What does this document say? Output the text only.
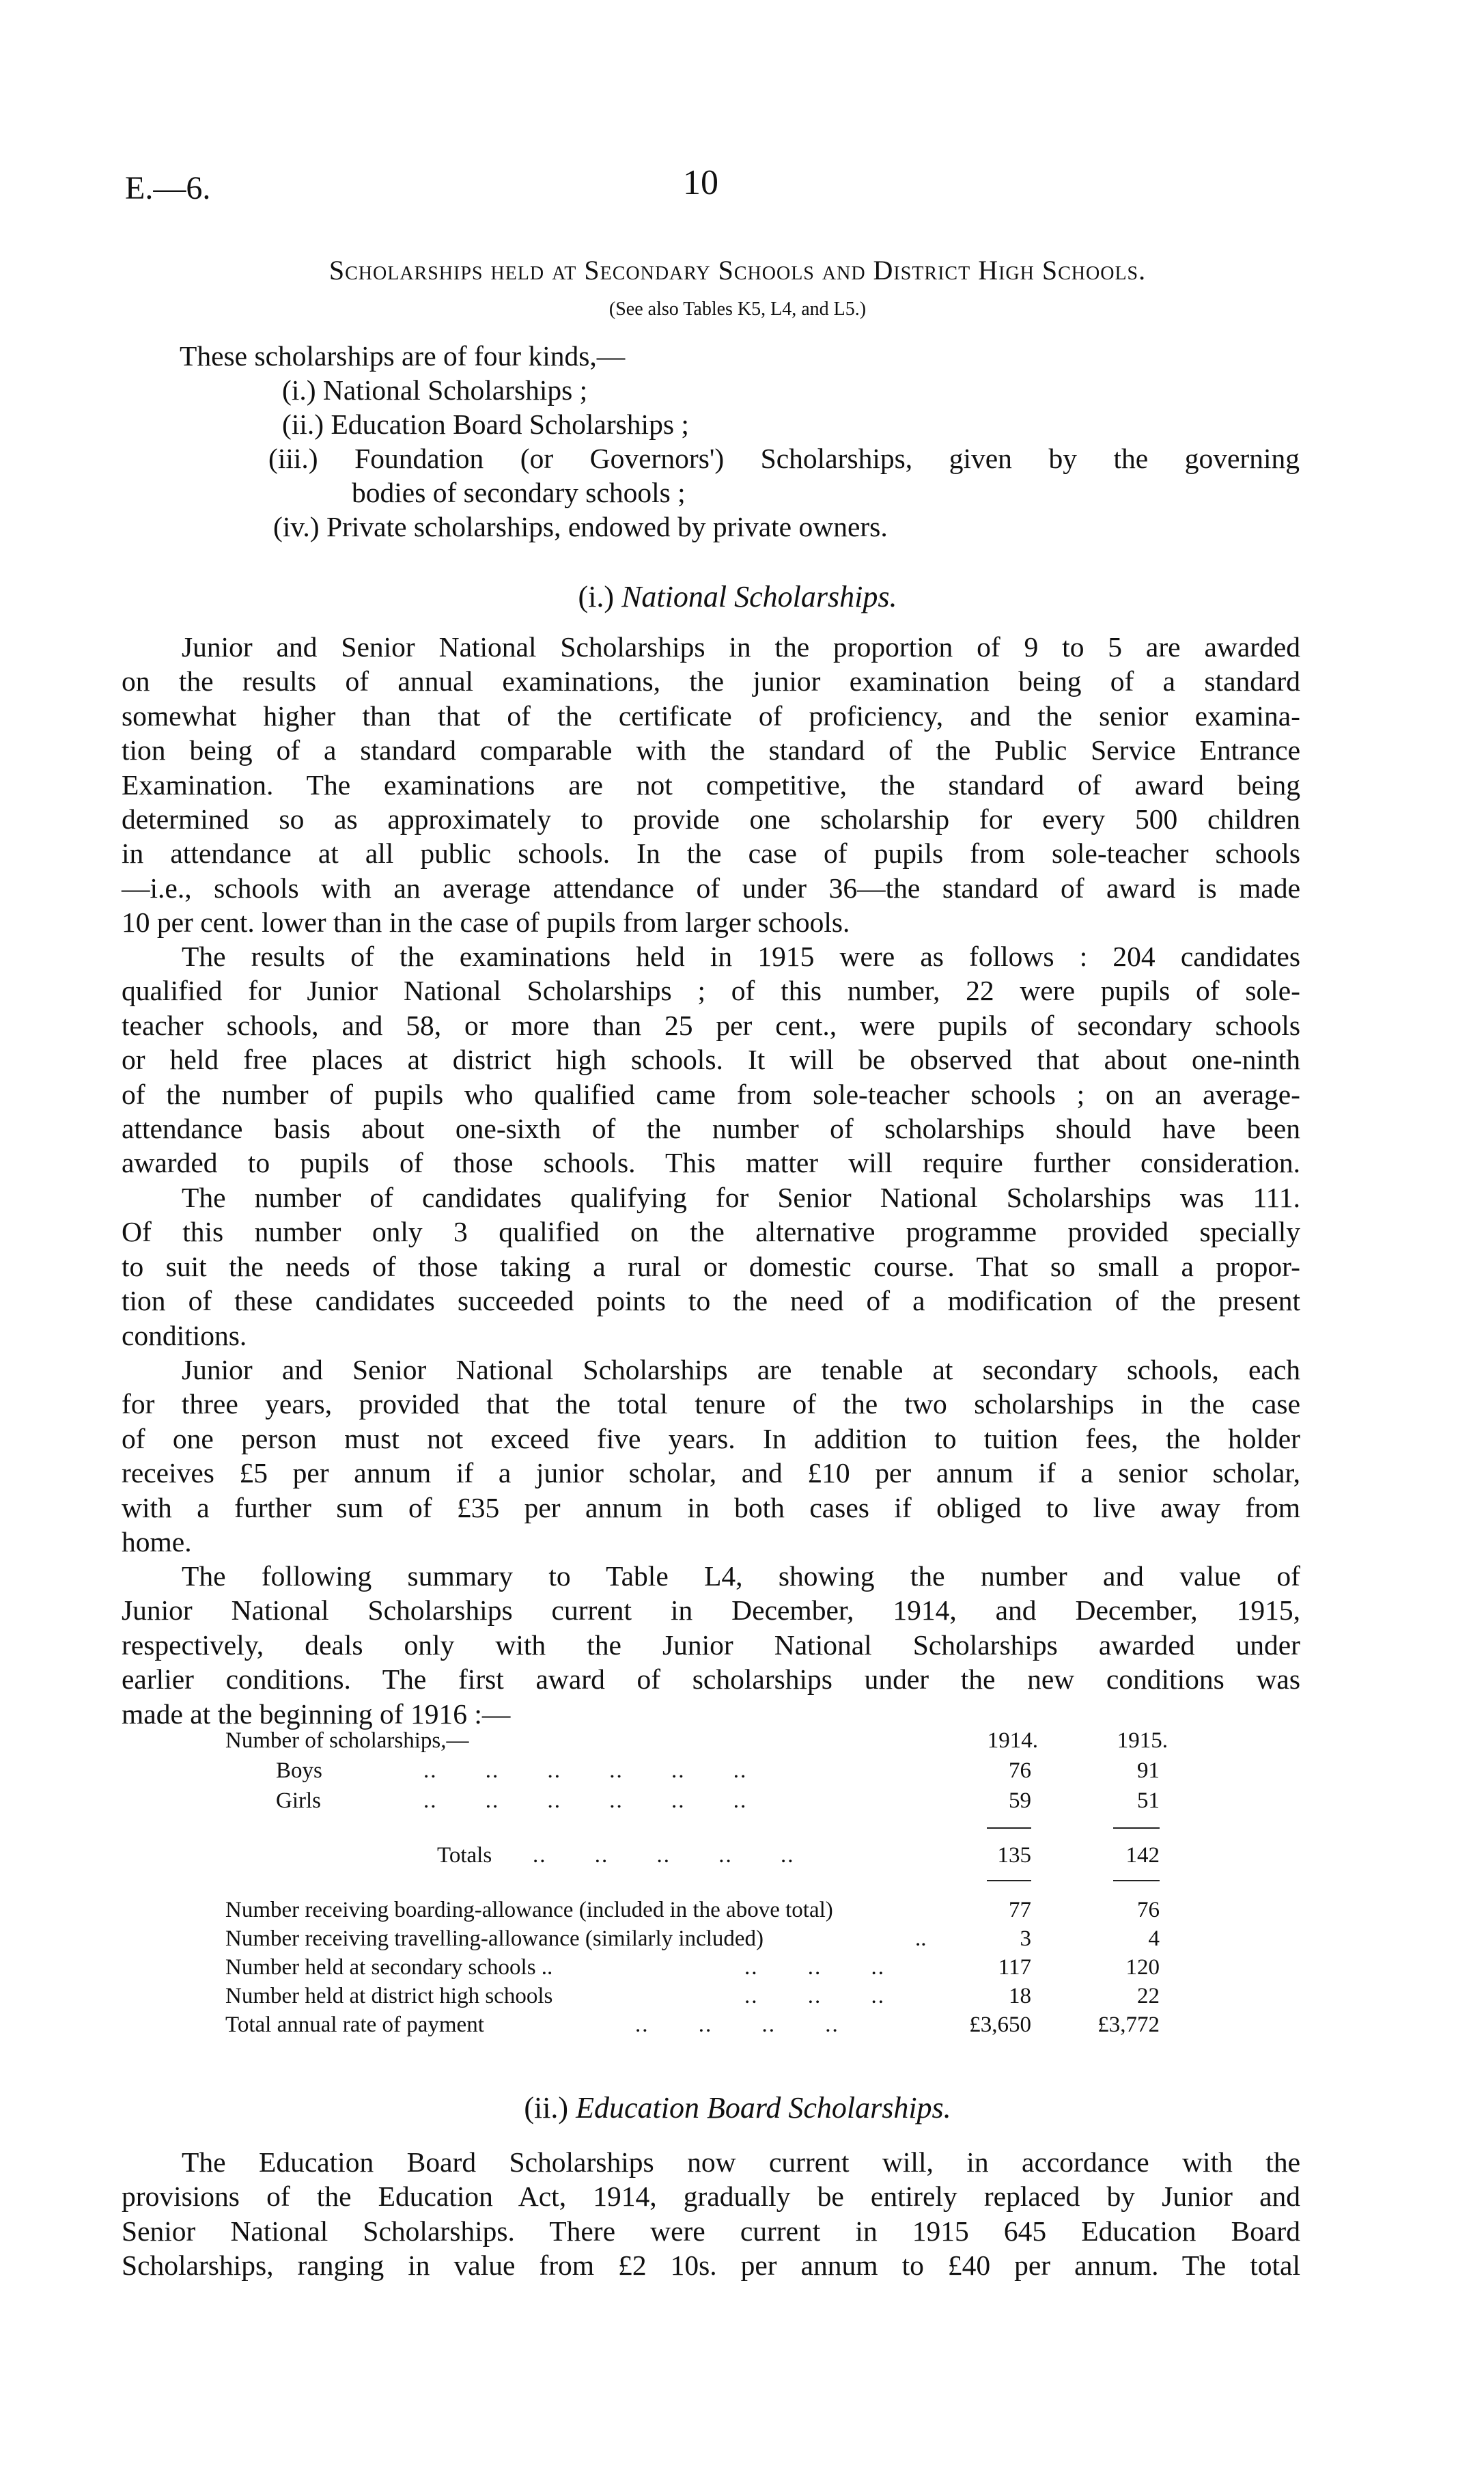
E.—6.	10
Scholarships held at Secondary Schools and District High Schools.
(See also Tables K5, L4, and L5.)
These scholarships are of four kinds,—
(i.) National Scholarships ;
(ii.) Education Board Scholarships ;
(iii.) Foundation (or Governors') Scholarships, given by the governing
bodies of secondary schools ;
(iv.) Private scholarships, endowed by private owners.
(i.) National Scholarships.
Junior and Senior National Scholarships in the proportion of 9 to 5 are awarded
on the results of annual examinations, the junior examination being of a standard
somewhat higher than that of the certificate of proficiency, and the senior examina-
tion being of a standard comparable with the standard of the Public Service Entrance
Examination. The examinations are not competitive, the standard of award being
determined so as approximately to provide one scholarship for every 500 children
in attendance at all public schools. In the case of pupils from sole-teacher schools
—i.e., schools with an average attendance of under 36—the standard of award is made
10 per cent. lower than in the case of pupils from larger schools.
The results of the examinations held in 1915 were as follows : 204 candidates
qualified for Junior National Scholarships ; of this number, 22 were pupils of sole-
teacher schools, and 58, or more than 25 per cent., were pupils of secondary schools
or held free places at district high schools. It will be observed that about one-ninth
of the number of pupils who qualified came from sole-teacher schools ; on an average-
attendance basis about one-sixth of the number of scholarships should have been
awarded to pupils of those schools. This matter will require further consideration.
The number of candidates qualifying for Senior National Scholarships was 111.
Of this number only 3 qualified on the alternative programme provided specially
to suit the needs of those taking a rural or domestic course. That so small a propor-
tion of these candidates succeeded points to the need of a modification of the present
conditions.
Junior and Senior National Scholarships are tenable at secondary schools, each
for three years, provided that the total tenure of the two scholarships in the case
of one person must not exceed five years. In addition to tuition fees, the holder
receives £5 per annum if a junior scholar, and £10 per annum if a senior scholar,
with a further sum of £35 per annum in both cases if obliged to live away from
home.
The following summary to Table L4, showing the number and value of
Junior National Scholarships current in December, 1914, and December, 1915,
respectively, deals only with the Junior National Scholarships awarded under
earlier conditions. The first award of scholarships under the new conditions was
made at the beginning of 1916 :—
Number of scholarships,—	1914.	1915.
Boys	.. .. .. .. .. ..	76	91
Girls	.. .. .. .. .. ..	59	51
Totals .. .. .. .. ..	135	142
Number receiving boarding-allowance (included in the above total)	77	76
Number receiving travelling-allowance (similarly included)	..	3	4
Number held at secondary schools ..	.. .. ..	117	120
Number held at district high schools	.. .. ..	18	22
Total annual rate of payment	.. .. .. ..	£3,650	£3,772
(ii.) Education Board Scholarships.
The Education Board Scholarships now current will, in accordance with the
provisions of the Education Act, 1914, gradually be entirely replaced by Junior and
Senior National Scholarships. There were current in 1915 645 Education Board
Scholarships, ranging in value from £2 10s. per annum to £40 per annum. The total
